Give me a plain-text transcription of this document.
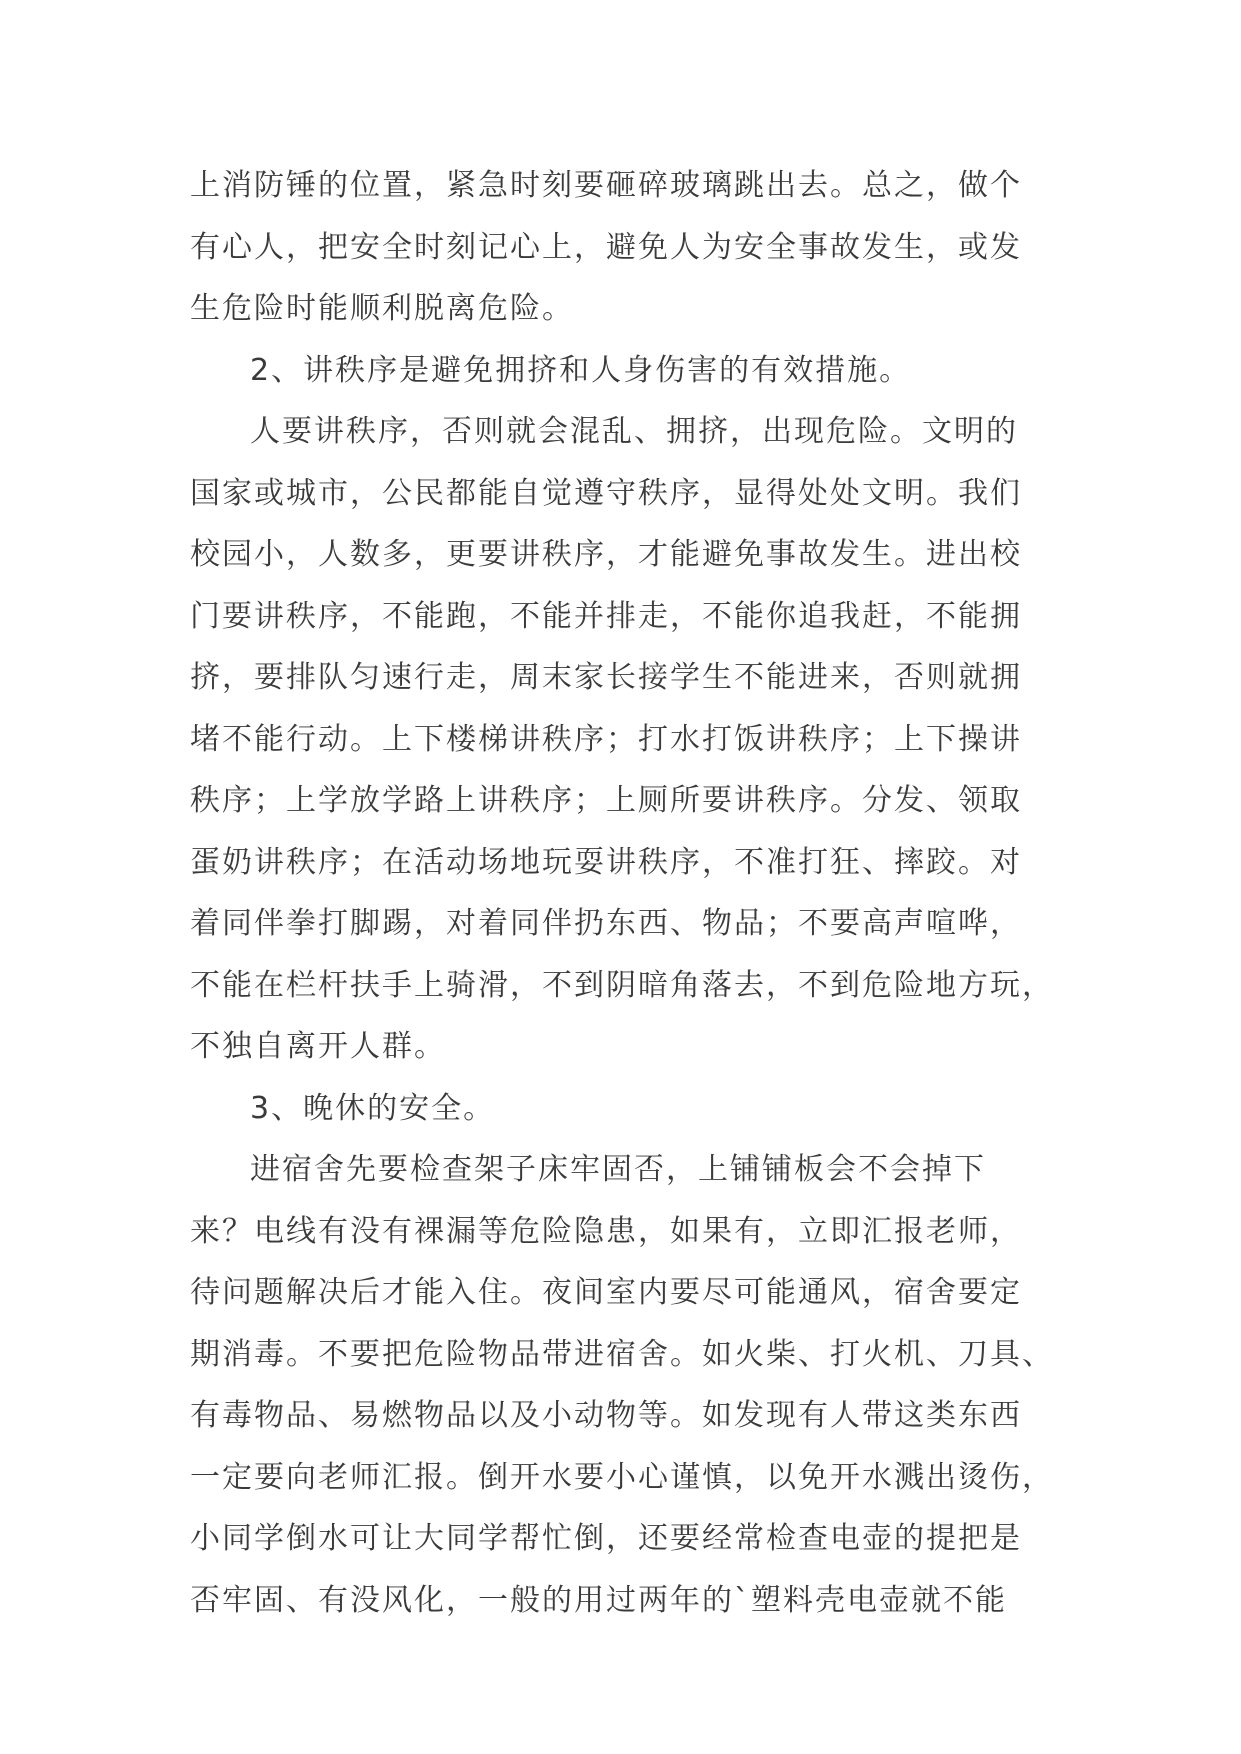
上消防锤的位置，紧急时刻要砸碎玻璃跳出去。总之，做个
有心人，把安全时刻记心上，避免人为安全事故发生，或发
生危险时能顺利脱离危险。
2、讲秩序是避免拥挤和人身伤害的有效措施。
人要讲秩序，否则就会混乱、拥挤，出现危险。文明的
国家或城市，公民都能自觉遵守秩序，显得处处文明。我们
校园小，人数多，更要讲秩序，才能避免事故发生。进出校
门要讲秩序，不能跑，不能并排走，不能你追我赶，不能拥
挤，要排队匀速行走，周末家长接学生不能进来，否则就拥
堵不能行动。上下楼梯讲秩序；打水打饭讲秩序；上下操讲
秩序；上学放学路上讲秩序；上厕所要讲秩序。分发、领取
蛋奶讲秩序；在活动场地玩耍讲秩序，不准打狂、摔跤。对
着同伴拳打脚踢，对着同伴扔东西、物品；不要高声喧哗，
不能在栏杆扶手上骑滑，不到阴暗角落去，不到危险地方玩，
不独自离开人群。
3、晚休的安全。
进宿舍先要检查架子床牢固否，上铺铺板会不会掉下
来？电线有没有裸漏等危险隐患，如果有，立即汇报老师，
待问题解决后才能入住。夜间室内要尽可能通风，宿舍要定
期消毒。不要把危险物品带进宿舍。如火柴、打火机、刀具、
有毒物品、易燃物品以及小动物等。如发现有人带这类东西
一定要向老师汇报。倒开水要小心谨慎，以免开水溅出烫伤，
小同学倒水可让大同学帮忙倒，还要经常检查电壶的提把是
否牢固、有没风化，一般的用过两年的`塑料壳电壶就不能
